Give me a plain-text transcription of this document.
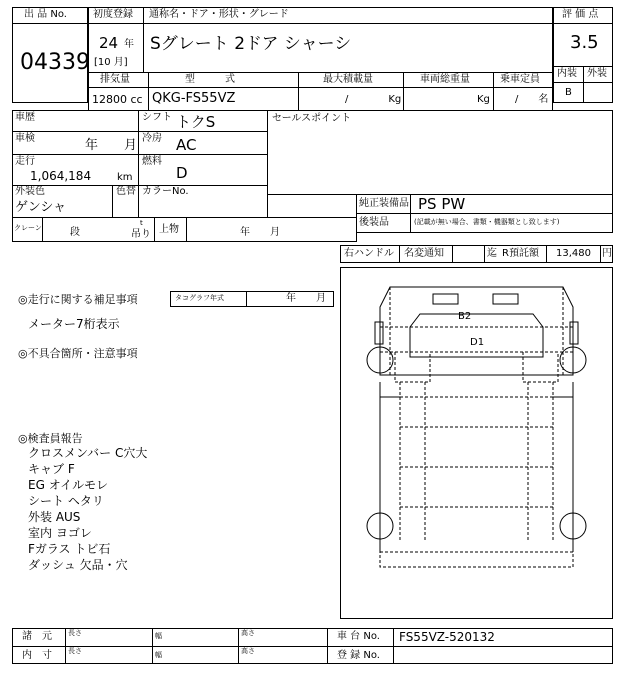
出 品 No.
04339
初度登録
24 年
[10 月]
通称名・ドア・形状・グレード
Sグレート 2ドア シャーシ
評 価 点
3.5
内装 外装
B
排気量	型　　　式	最大積載量	車両総重量	乗車定員
12800 cc QKG-FS55VZ	/　　　　Kg	Kg	/　　名
車歴	シフト トクS
車検	年　　月 冷房 AC
走行
1,064,184	km
燃料
D
外装色
ゲンシャ
色替 カラーNo.
セールスポイント
純正装備品 PS PW
後装品	(記載が無い場合、書類・機器類とし致します)
クレーン	段
t
吊り 上物	年　　月
右ハンドル 名変通知	迄 R預託額 13,480 円
◎走行に関する補足事項	タコグラフ年式	年　　月
メーター7桁表示
◎不具合箇所・注意事項
◎検査員報告
クロスメンバー C穴大
キャブ F
EG オイルモレ
シート ヘタリ
外装 AUS
室内 ヨゴレ
Fガラス トビ石
ダッシュ 欠品・穴
B2
D1
諸　元
内　寸
長さ	幅	高さ
長さ	幅	高さ
車 台 No. FS55VZ-520132
登 録 No.
